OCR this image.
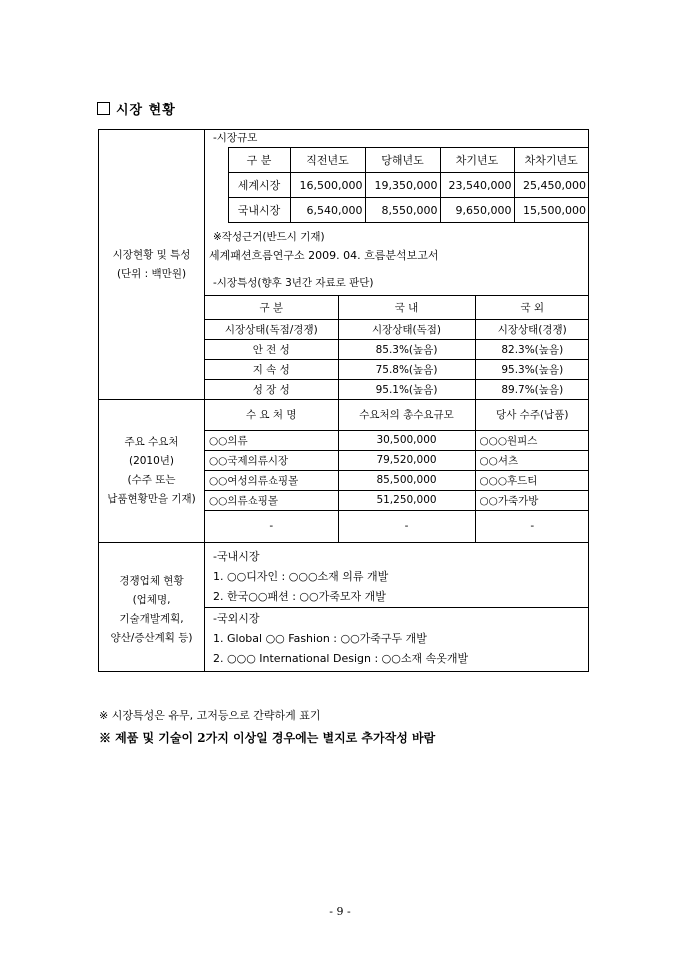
시장 현황
시장현황 및 특성
(단위 : 백만원)

-시장규모
구 분	직전년도	당해년도	차기년도	차차기년도
세계시장	16,500,000	19,350,000	23,540,000	25,450,000
국내시장	6,540,000	8,550,000	9,650,000	15,500,000
※작성근거(반드시 기재)
세계패션흐름연구소 2009. 04. 흐름분석보고서
-시장특성(향후 3년간 자료로 판단)
구 분	국 내	국 외
시장상태(독점/경쟁)	시장상태(독점)	시장상태(경쟁)
안 전 성	85.3%(높음)	82.3%(높음)
지 속 성	75.8%(높음)	95.3%(높음)
성 장 성	95.1%(높음)	89.7%(높음)

주요 수요처
(2010년)
(수주 또는
납품현황만을 기재)

수 요 처 명	수요처의 총수요규모	당사 수주(납품)
○○의류	30,500,000	○○○원피스
○○국제의류시장	79,520,000	○○셔츠
○○여성의류쇼핑몰	85,500,000	○○○후드티
○○의류쇼핑몰	51,250,000	○○가죽가방
-	-	-

경쟁업체 현황
(업체명,
기술개발계획,
양산/증산계획 등)

-국내시장
1. ○○디자인 : ○○○소재 의류 개발
2. 한국○○패션 : ○○가죽모자 개발
-국외시장
1. Global ○○ Fashion : ○○가죽구두 개발
2. ○○○ International Design : ○○소재 속옷개발
※ 시장특성은 유무, 고저등으로 간략하게 표기
※ 제품 및 기술이 2가지 이상일 경우에는 별지로 추가작성 바람
- 9 -
